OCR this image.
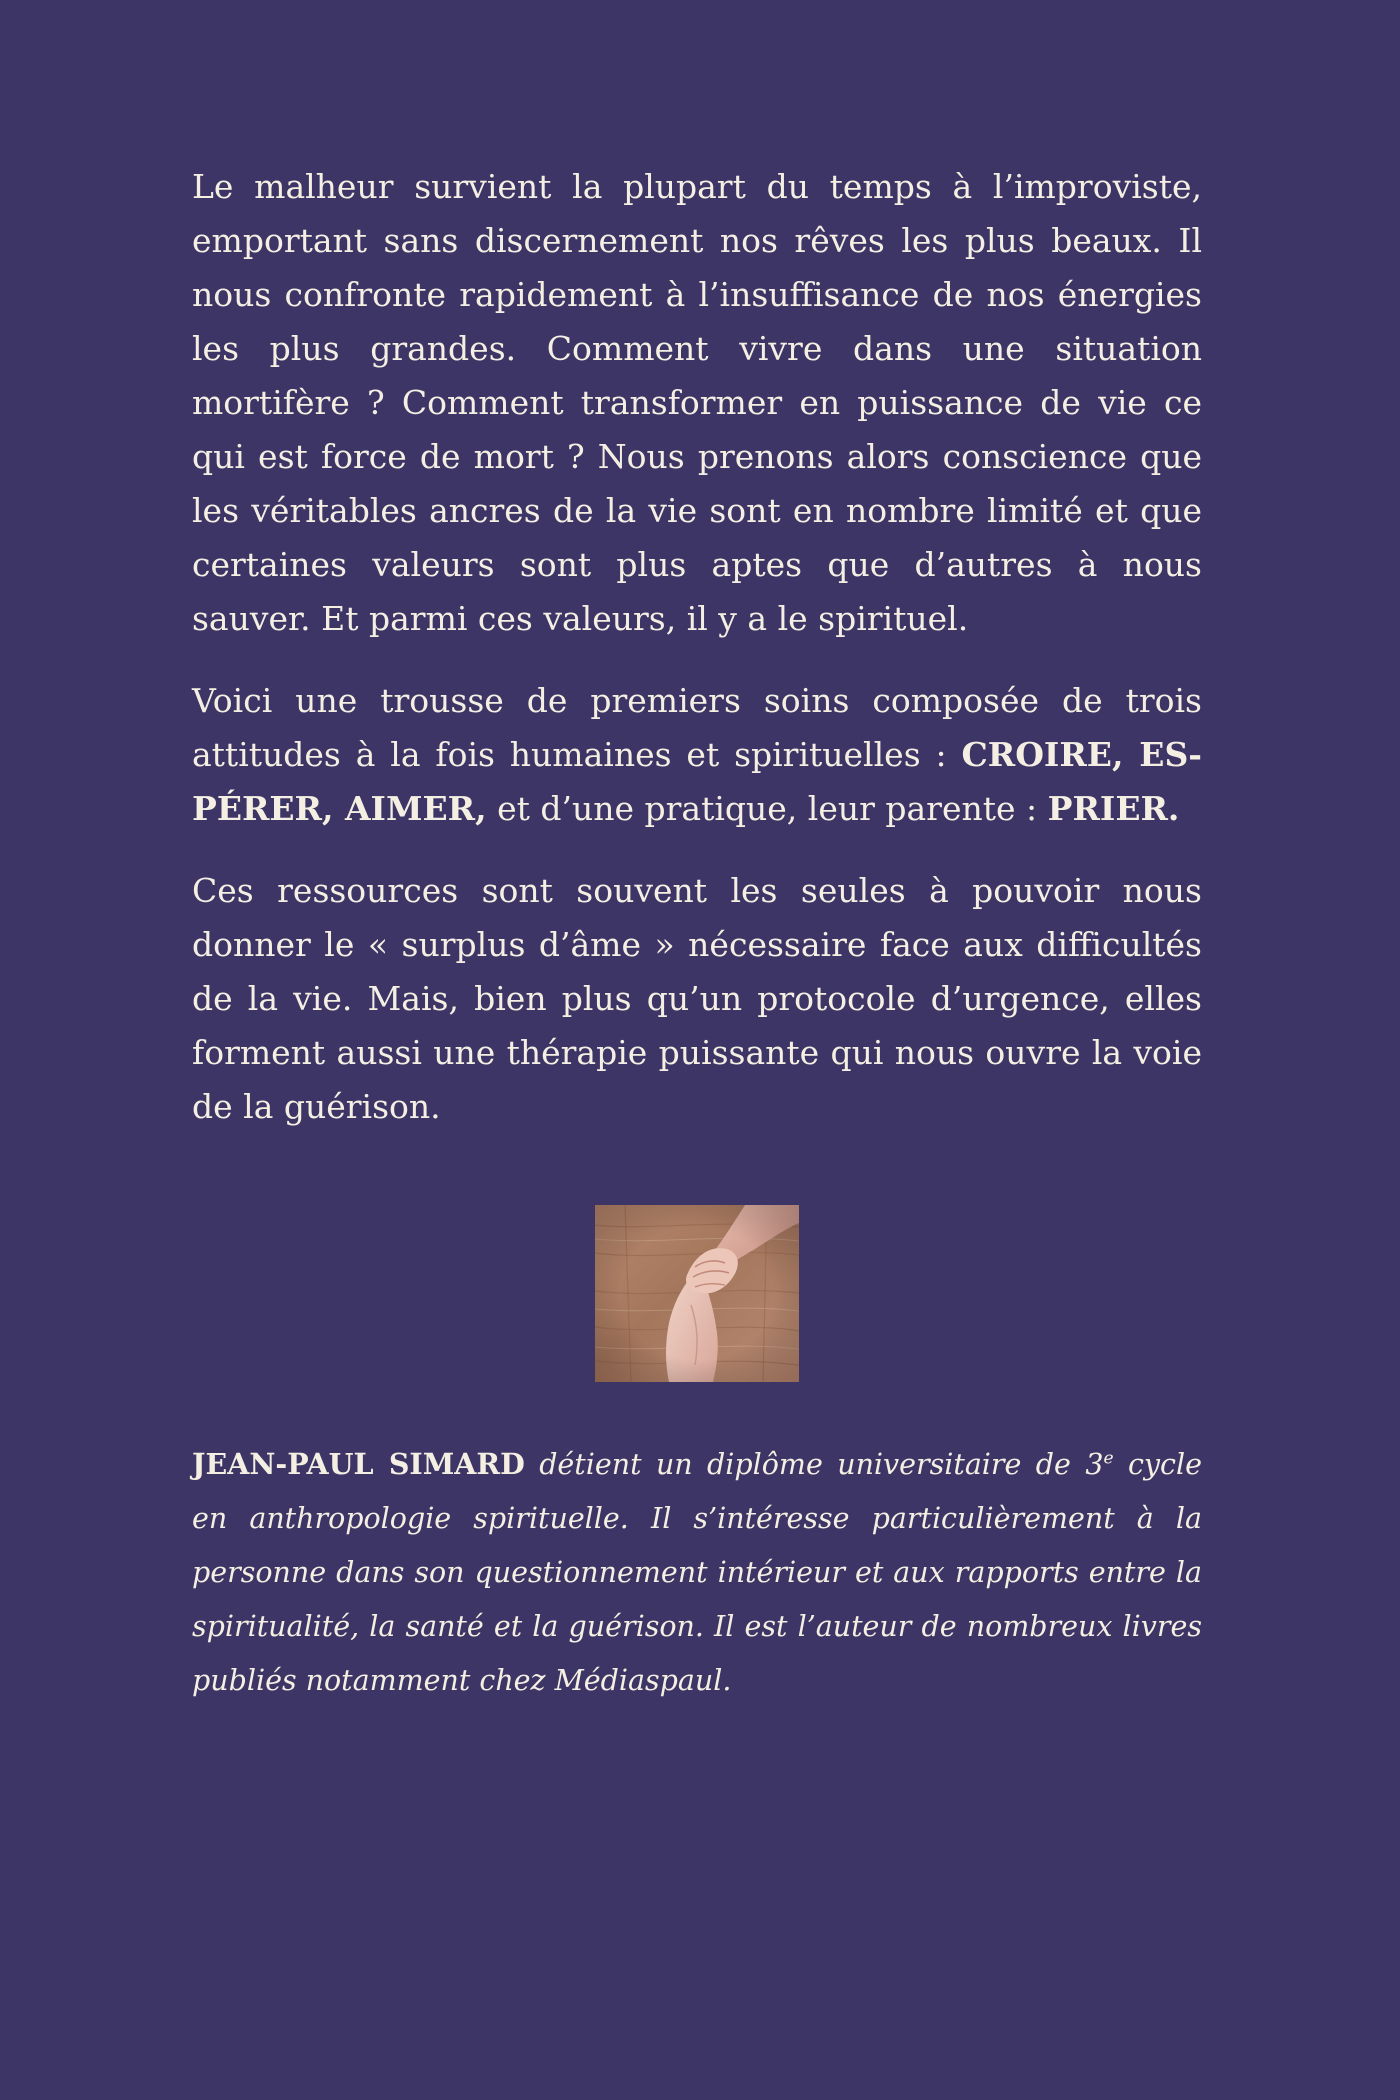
Le malheur survient la plupart du temps à l’improviste, emportant sans discernement nos rêves les plus beaux. Il nous confronte rapidement à l’insuffisance de nos énergies les plus grandes. Comment vivre dans une situation mortifère ? Comment transformer en puissance de vie ce qui est force de mort ? Nous prenons alors conscience que les véritables ancres de la vie sont en nombre limité et que certaines valeurs sont plus aptes que d’autres à nous sauver. Et parmi ces valeurs, il y a le spirituel.

Voici une trousse de premiers soins composée de trois attitudes à la fois humaines et spirituelles : CROIRE, ESPÉRER, AIMER, et d’une pratique, leur parente : PRIER.

Ces ressources sont souvent les seules à pouvoir nous donner le « surplus d’âme » nécessaire face aux difficultés de la vie. Mais, bien plus qu’un protocole d’urgence, elles forment aussi une thérapie puissante qui nous ouvre la voie de la guérison.

JEAN-PAUL SIMARD détient un diplôme universitaire de 3e cycle en anthropologie spirituelle. Il s’intéresse particulièrement à la personne dans son questionnement intérieur et aux rapports entre la spiritualité, la santé et la guérison. Il est l’auteur de nombreux livres publiés notamment chez Médiaspaul.
